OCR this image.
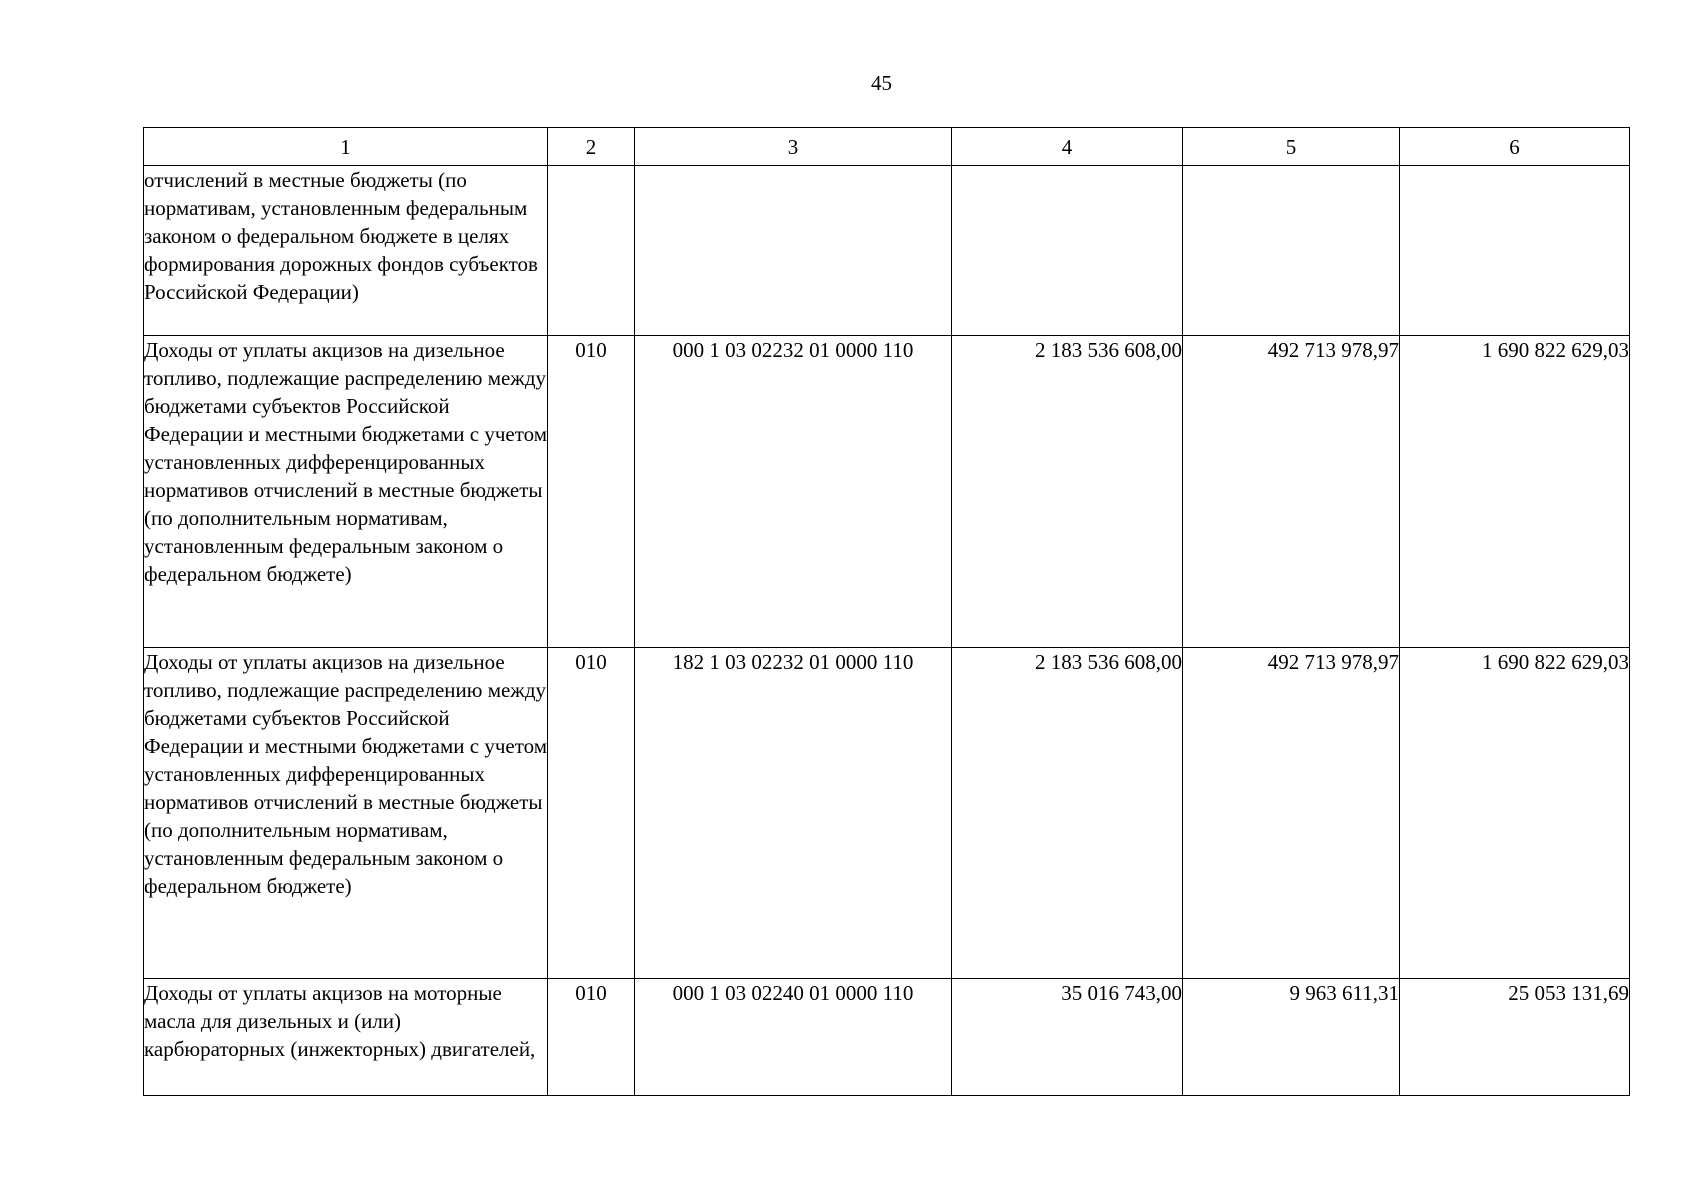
45
1	2	3	4	5	6
отчислений в местные бюджеты (по нормативам, установленным федеральным законом о федеральном бюджете в целях формирования дорожных фондов субъектов Российской Федерации)					
Доходы от уплаты акцизов на дизельное топливо, подлежащие распределению между бюджетами субъектов Российской Федерации и местными бюджетами с учетом установленных дифференцированных нормативов отчислений в местные бюджеты (по дополнительным нормативам, установленным федеральным законом о федеральном бюджете)	010	000 1 03 02232 01 0000 110	2 183 536 608,00	492 713 978,97	1 690 822 629,03
Доходы от уплаты акцизов на дизельное топливо, подлежащие распределению между бюджетами субъектов Российской Федерации и местными бюджетами с учетом установленных дифференцированных нормативов отчислений в местные бюджеты (по дополнительным нормативам, установленным федеральным законом о федеральном бюджете)	010	182 1 03 02232 01 0000 110	2 183 536 608,00	492 713 978,97	1 690 822 629,03
Доходы от уплаты акцизов на моторные масла для дизельных и (или) карбюраторных (инжекторных) двигателей,	010	000 1 03 02240 01 0000 110	35 016 743,00	9 963 611,31	25 053 131,69
